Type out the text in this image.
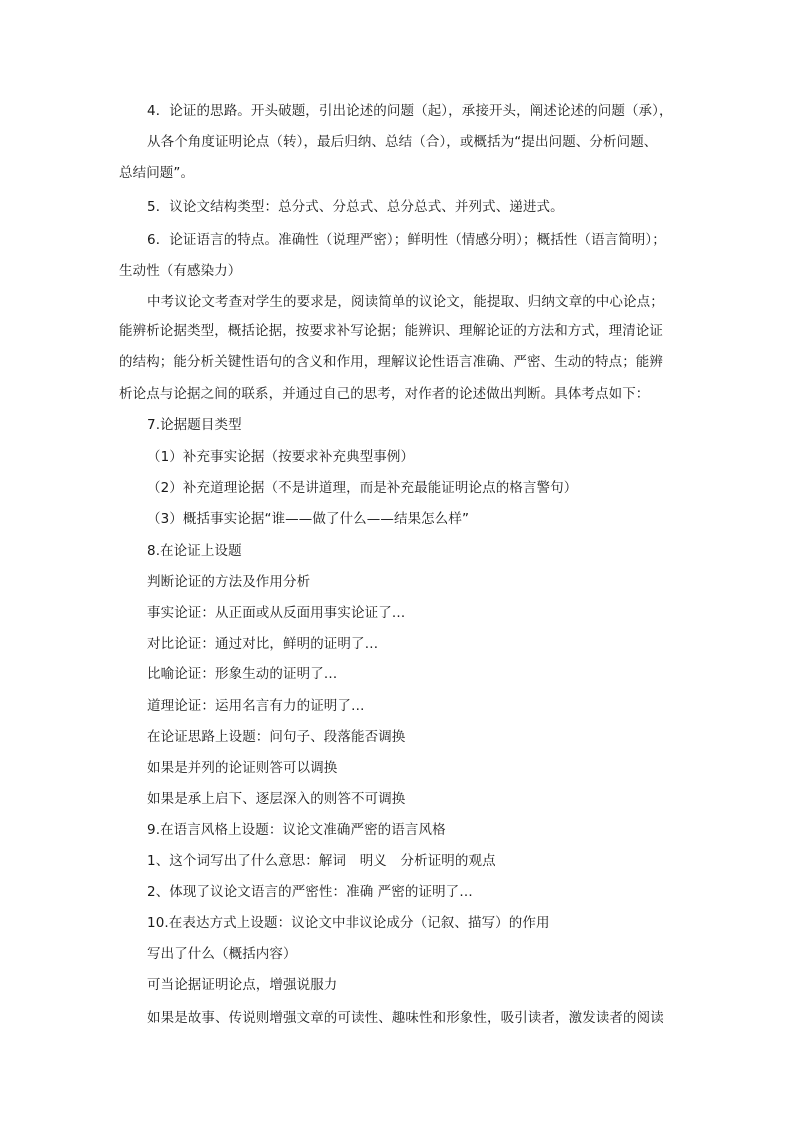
4．论证的思路。开头破题，引出论述的问题（起），承接开头，阐述论述的问题（承），
从各个角度证明论点（转），最后归纳、总结（合），或概括为“提出问题、分析问题、
总结问题”。
5．议论文结构类型：总分式、分总式、总分总式、并列式、递进式。
6．论证语言的特点。准确性（说理严密）；鲜明性（情感分明）；概括性（语言简明）；
生动性（有感染力）
中考议论文考查对学生的要求是，阅读简单的议论文，能提取、归纳文章的中心论点；
能辨析论据类型，概括论据，按要求补写论据；能辨识、理解论证的方法和方式，理清论证
的结构；能分析关键性语句的含义和作用，理解议论性语言准确、严密、生动的特点；能辨
析论点与论据之间的联系，并通过自己的思考，对作者的论述做出判断。具体考点如下：
7.论据题目类型
（1）补充事实论据（按要求补充典型事例）
（2）补充道理论据（不是讲道理，而是补充最能证明论点的格言警句）
（3）概括事实论据“谁——做了什么——结果怎么样”
8.在论证上设题
判断论证的方法及作用分析
事实论证：从正面或从反面用事实论证了…
对比论证：通过对比，鲜明的证明了…
比喻论证：形象生动的证明了…
道理论证：运用名言有力的证明了…
在论证思路上设题：问句子、段落能否调换
如果是并列的论证则答可以调换
如果是承上启下、逐层深入的则答不可调换
9.在语言风格上设题：议论文准确严密的语言风格
1、这个词写出了什么意思：解词　明义　分析证明的观点
2、体现了议论文语言的严密性：准确 严密的证明了…
10.在表达方式上设题：议论文中非议论成分（记叙、描写）的作用
写出了什么（概括内容）
可当论据证明论点，增强说服力
如果是故事、传说则增强文章的可读性、趣味性和形象性，吸引读者，激发读者的阅读
